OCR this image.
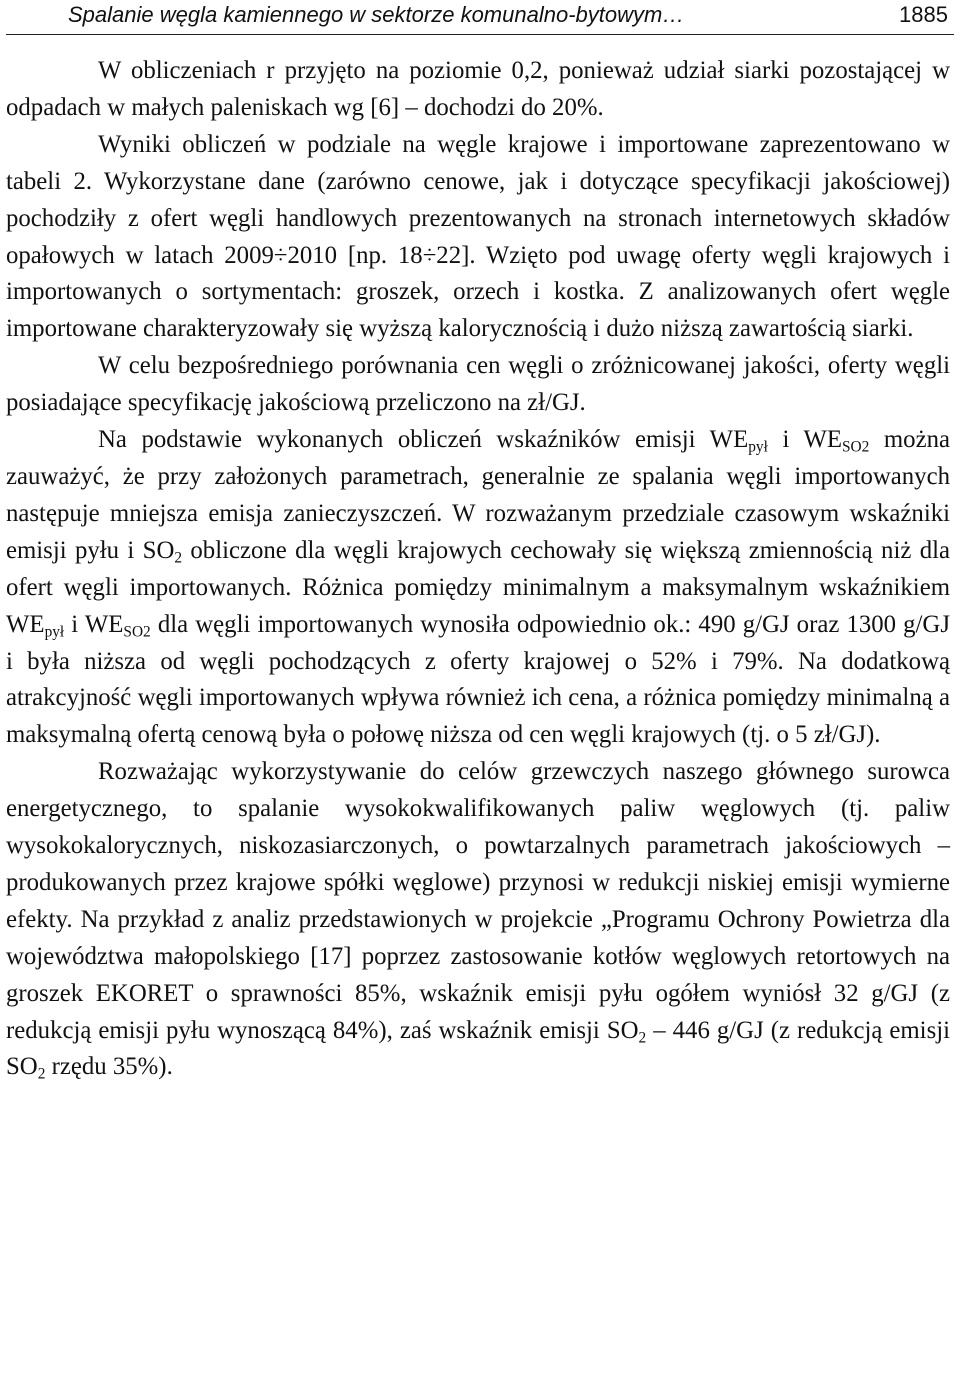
Spalanie węgla kamiennego w sektorze komunalno-bytowym…	1885

W obliczeniach r przyjęto na poziomie 0,2, ponieważ udział siarki pozostającej w odpadach w małych paleniskach wg [6] – dochodzi do 20%.

Wyniki obliczeń w podziale na węgle krajowe i importowane zaprezentowano w tabeli 2. Wykorzystane dane (zarówno cenowe, jak i dotyczące specyfikacji jakościowej) pochodziły z ofert węgli handlowych prezentowanych na stronach internetowych składów opałowych w latach 2009÷2010 [np. 18÷22]. Wzięto pod uwagę oferty węgli krajowych i importowanych o sortymentach: groszek, orzech i kostka. Z analizowanych ofert węgle importowane charakteryzowały się wyższą kalorycznością i dużo niższą zawartością siarki.

W celu bezpośredniego porównania cen węgli o zróżnicowanej jakości, oferty węgli posiadające specyfikację jakościową przeliczono na zł/GJ.

Na podstawie wykonanych obliczeń wskaźników emisji $WE_{pył}$ i $WE_{SO2}$ można zauważyć, że przy założonych parametrach, generalnie ze spalania węgli importowanych następuje mniejsza emisja zanieczyszczeń. W rozważanym przedziale czasowym wskaźniki emisji pyłu i $SO_2$ obliczone dla węgli krajowych cechowały się większą zmiennością niż dla ofert węgli importowanych. Różnica pomiędzy minimalnym a maksymalnym wskaźnikiem $WE_{pył}$ i $WE_{SO2}$ dla węgli importowanych wynosiła odpowiednio ok.: 490 g/GJ oraz 1300 g/GJ i była niższa od węgli pochodzących z oferty krajowej o 52% i 79%. Na dodatkową atrakcyjność węgli importowanych wpływa również ich cena, a różnica pomiędzy minimalną a maksymalną ofertą cenową była o połowę niższa od cen węgli krajowych (tj. o 5 zł/GJ).

Rozważając wykorzystywanie do celów grzewczych naszego głównego surowca energetycznego, to spalanie wysokokwalifikowanych paliw węglowych (tj. paliw wysokokalorycznych, niskozasiarczonych, o powtarzalnych parametrach jakościowych – produkowanych przez krajowe spółki węglowe) przynosi w redukcji niskiej emisji wymierne efekty. Na przykład z analiz przedstawionych w projekcie „Programu Ochrony Powietrza dla województwa małopolskiego [17] poprzez zastosowanie kotłów węglowych retortowych na groszek EKORET o sprawności 85%, wskaźnik emisji pyłu ogółem wyniósł 32 g/GJ (z redukcją emisji pyłu wynoszącą 84%), zaś wskaźnik emisji $SO_2 - 446$ g/GJ (z redukcją emisji $SO_2$ rzędu 35%).
